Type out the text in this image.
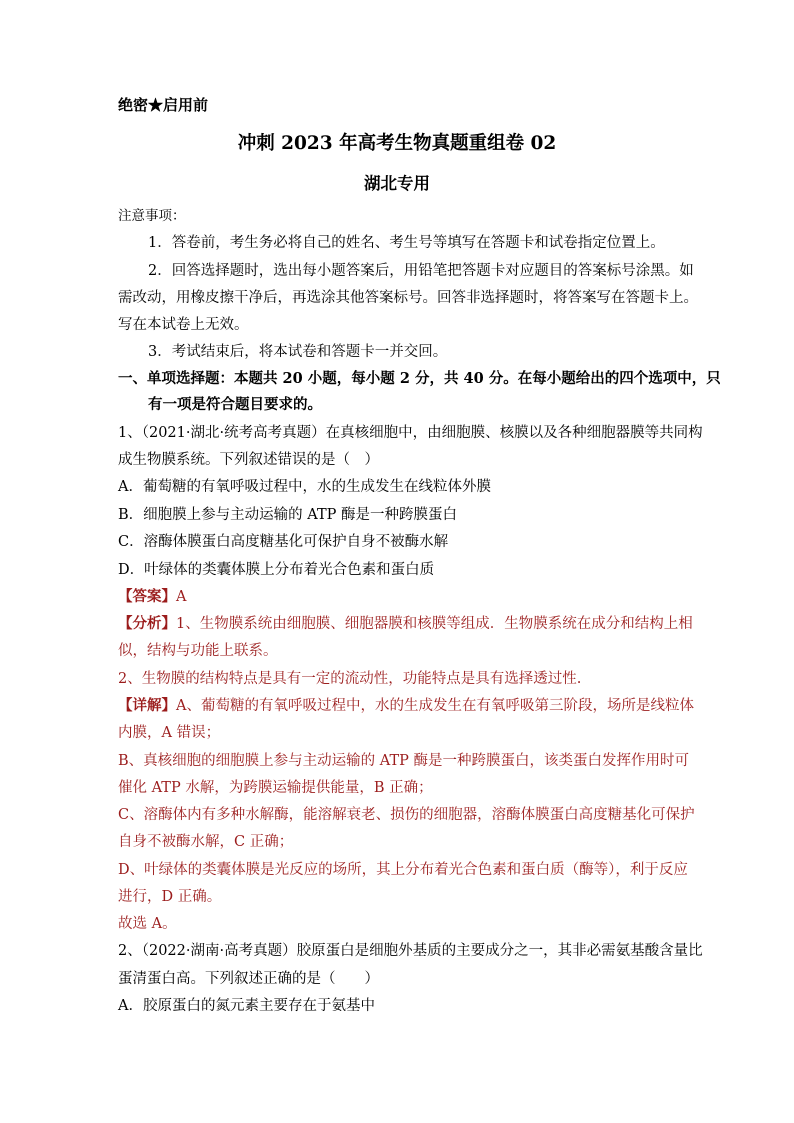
绝密★启用前
冲刺 2023 年高考生物真题重组卷 02
湖北专用
注意事项：
1．答卷前，考生务必将自己的姓名、考生号等填写在答题卡和试卷指定位置上。
2．回答选择题时，选出每小题答案后，用铅笔把答题卡对应题目的答案标号涂黑。如
需改动，用橡皮擦干净后，再选涂其他答案标号。回答非选择题时，将答案写在答题卡上。
写在本试卷上无效。
3．考试结束后，将本试卷和答题卡一并交回。
一、单项选择题：本题共 20 小题，每小题 2 分，共 40 分。在每小题给出的四个选项中，只
有一项是符合题目要求的。
1、（2021·湖北·统考高考真题）在真核细胞中，由细胞膜、核膜以及各种细胞器膜等共同构
成生物膜系统。下列叙述错误的是（　）
A．葡萄糖的有氧呼吸过程中，水的生成发生在线粒体外膜
B．细胞膜上参与主动运输的 ATP 酶是一种跨膜蛋白
C．溶酶体膜蛋白高度糖基化可保护自身不被酶水解
D．叶绿体的类囊体膜上分布着光合色素和蛋白质
【答案】A
【分析】1、生物膜系统由细胞膜、细胞器膜和核膜等组成．生物膜系统在成分和结构上相
似，结构与功能上联系。
2、生物膜的结构特点是具有一定的流动性，功能特点是具有选择透过性.
【详解】A、葡萄糖的有氧呼吸过程中，水的生成发生在有氧呼吸第三阶段，场所是线粒体
内膜，A 错误；
B、真核细胞的细胞膜上参与主动运输的 ATP 酶是一种跨膜蛋白，该类蛋白发挥作用时可
催化 ATP 水解，为跨膜运输提供能量，B 正确；
C、溶酶体内有多种水解酶，能溶解衰老、损伤的细胞器，溶酶体膜蛋白高度糖基化可保护
自身不被酶水解，C 正确；
D、叶绿体的类囊体膜是光反应的场所，其上分布着光合色素和蛋白质（酶等），利于反应
进行，D 正确。
故选 A。
2、（2022·湖南·高考真题）胶原蛋白是细胞外基质的主要成分之一，其非必需氨基酸含量比
蛋清蛋白高。下列叙述正确的是（　　）
A．胶原蛋白的氮元素主要存在于氨基中
